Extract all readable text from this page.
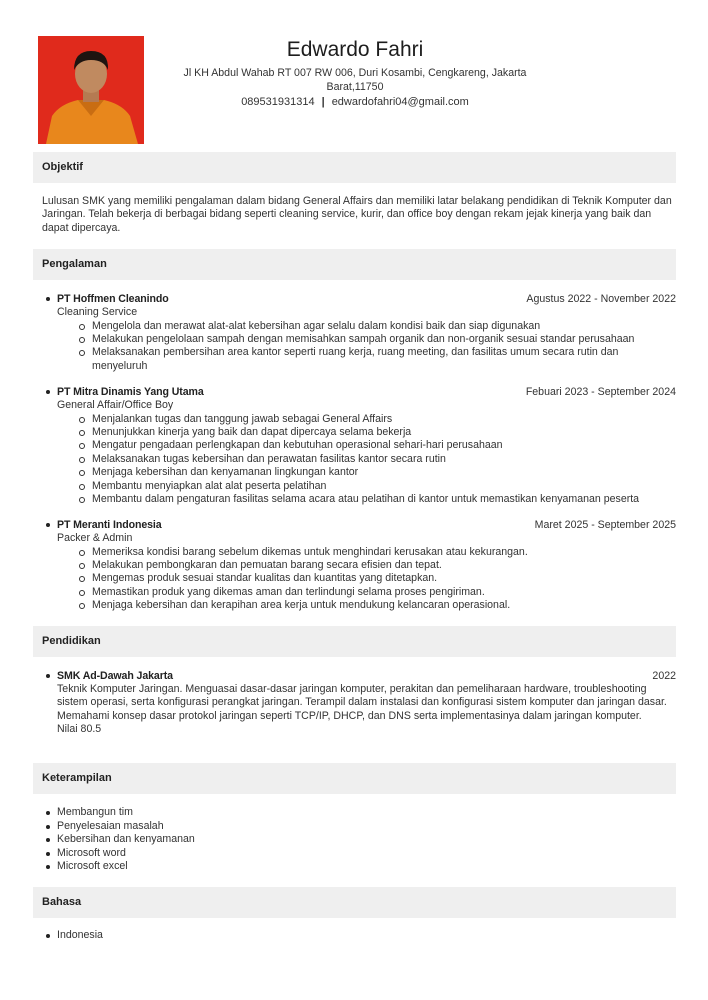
Edwardo Fahri
Jl KH Abdul Wahab RT 007 RW 006, Duri Kosambi, Cengkareng, Jakarta Barat,11750
089531931314 | edwardofahri04@gmail.com
Objektif
Lulusan SMK yang memiliki pengalaman dalam bidang General Affairs dan memiliki latar belakang pendidikan di Teknik Komputer dan Jaringan. Telah bekerja di berbagai bidang seperti cleaning service, kurir, dan office boy dengan rekam jejak kinerja yang baik dan dapat dipercaya.
Pengalaman
PT Hoffmen Cleanindo	Agustus 2022 - November 2022
Cleaning Service
Mengelola dan merawat alat-alat kebersihan agar selalu dalam kondisi baik dan siap digunakan
Melakukan pengelolaan sampah dengan memisahkan sampah organik dan non-organik sesuai standar perusahaan
Melaksanakan pembersihan area kantor seperti ruang kerja, ruang meeting, dan fasilitas umum secara rutin dan menyeluruh
PT Mitra Dinamis Yang Utama	Febuari 2023 - September 2024
General Affair/Office Boy
Menjalankan tugas dan tanggung jawab sebagai General Affairs
Menunjukkan kinerja yang baik dan dapat dipercaya selama bekerja
Mengatur pengadaan perlengkapan dan kebutuhan operasional sehari-hari perusahaan
Melaksanakan tugas kebersihan dan perawatan fasilitas kantor secara rutin
Menjaga kebersihan dan kenyamanan lingkungan kantor
Membantu menyiapkan alat alat peserta pelatihan
Membantu dalam pengaturan fasilitas selama acara atau pelatihan di kantor untuk memastikan kenyamanan peserta
PT Meranti Indonesia	Maret 2025 - September 2025
Packer & Admin
Memeriksa kondisi barang sebelum dikemas untuk menghindari kerusakan atau kekurangan.
Melakukan pembongkaran dan pemuatan barang secara efisien dan tepat.
Mengemas produk sesuai standar kualitas dan kuantitas yang ditetapkan.
Memastikan produk yang dikemas aman dan terlindungi selama proses pengiriman.
Menjaga kebersihan dan kerapihan area kerja untuk mendukung kelancaran operasional.
Pendidikan
SMK Ad-Dawah Jakarta	2022
Teknik Komputer Jaringan. Menguasai dasar-dasar jaringan komputer, perakitan dan pemeliharaan hardware, troubleshooting sistem operasi, serta konfigurasi perangkat jaringan. Terampil dalam instalasi dan konfigurasi sistem komputer dan jaringan dasar. Memahami konsep dasar protokol jaringan seperti TCP/IP, DHCP, dan DNS serta implementasinya dalam jaringan komputer.
Nilai 80.5
Keterampilan
Membangun tim
Penyelesaian masalah
Kebersihan dan kenyamanan
Microsoft word
Microsoft excel
Bahasa
Indonesia
